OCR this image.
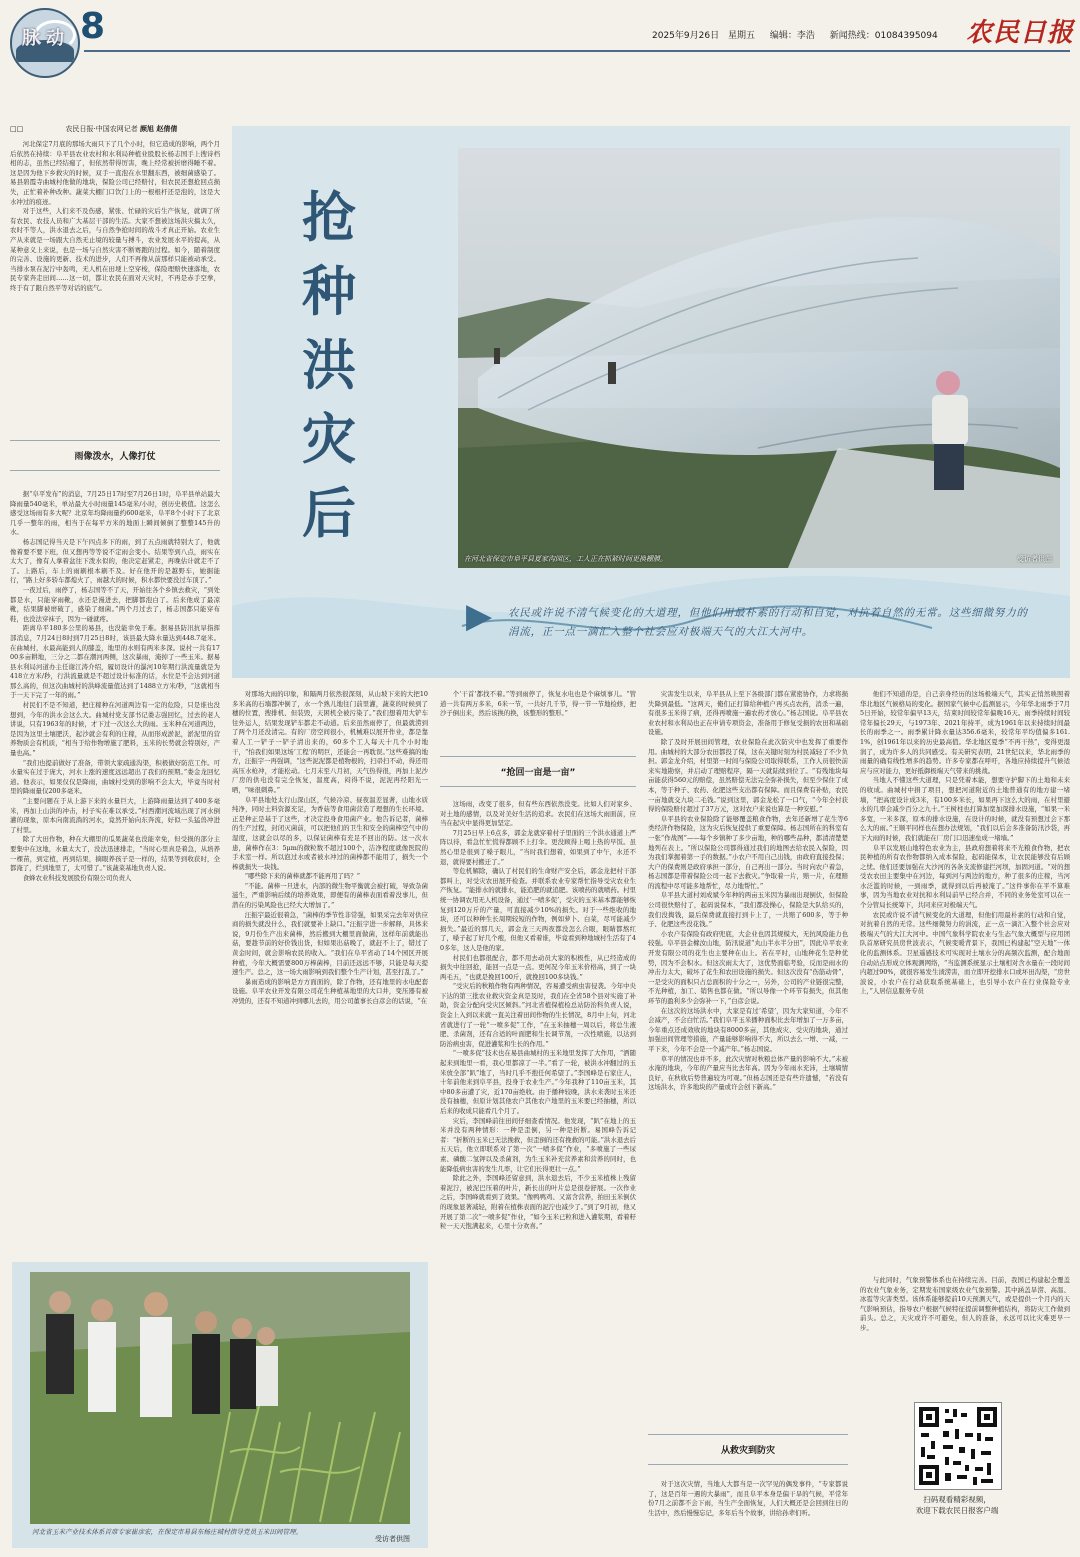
脉动 8	2025年9月26日 星期五 编辑：李浩 新闻热线：01084395094 农民日报
□□	农民日报·中国农网记者 颜旭 赵倩倩

河北保定7月底的那场大雨只下了几个小时，但它造成的影响，两个月后依然在持续：阜平县农业农村和水利局种植业股股长杨志国手上搜诗档相的志，虽然已经结痂了，但依然带得厉害，晚上经常被折磨得睡不着。这是因为他下乡救灾的时候，双手一直泡在水里翻东西，被细菌感染了。易县碧霞寺曲城村他做的地块，保险公司已经赔付，但农民还想抢回点损失，正忙着补种改种。蔬菜大棚门口饮门上的一根根杆还是泡的，这是大水冲过的痕迹。

对于这些，人们来不及伤感，紧张、忙碌的灾后生产恢复，就调了所有农民、农技人员和广大基层干部的生活。大家不想被这场洪灾搞太久，农时不等人，洪水退去之后，与自然争抢时间的战斗才真正开始。农业生产从来就是一场跟大自然无止境的较量与搏斗，农业发展水平的提高，从某种意义上来说，也是一场与自然灾害不断赛跑的过程。如今，随着制度的完善、设施的更新、技术的进步，人们不再像从前那样只能被动承受。当排水泵在泥泞中轰鸣，无人机在田埂上空穿梭，保险理赔快速落地，农民专家奔走田间……这一切，都让农民在面对天灾时，不再是赤手空拳，终于有了跟自然平等对话的底气。

雨像泼水，人像打仗

据“阜平发布”的消息，7月25日17时至7月26日1时，阜平县单站最大降雨量540毫米，单站最大小时雨量145毫米/小时，创历史极值。这怎么感受这场雨有多大呢？北京年均降雨量约600毫米，阜平8个小时下了北京几乎一整年的雨，相当于在每平方米的地面上瞬间倾倒了整整145升的水。

杨志国记得当天是下午四点多下的雨，到了五点雨就特别大了，他就像着要不要下班，但又想再等等说不定雨会变小。结果等到八点，雨实在太大了，像有人拿着盆往下泼水似的，他决定赶紧走，再晚估计就走不了了。上路后，车上的雨刷根本刷不及。好在他开的是越野车，她掘能行，“路上好多轿车都熄火了，雨越大的时候，积水都快要没过车顶了。”

一夜过后，雨停了，杨志国等不了天，开始往各个乡镇去救灾，“到处都是水，只能穿雨靴，水还是漫进去，把脚都泡白了。后来他成了最凉靴，结果脚被磨破了，感染了细菌。”两个月过去了，杨志国都只能穿布鞋，也没法穿袜子，因为一碰就疼。

距离阜平180多公里的易县，也没能幸免于难。据易县防汛抗旱指挥部消息，7月24日8时到7月25日8时，该县最大降水量达到448.7毫米。在曲城村，水最高能到人的膝盖，地里的水则有两米多深。说村一共有1700多亩耕地，三分之二都在潮河两侧，这次暴雨，淹掉了一些玉米。据易县水利局河道办主任谢江涛介绍，履切设计的瀑河10年期行洪流量就是为418立方米/秒，行洪流量就是不超过设计标准的话，水位是不会达到河道那么高的，但这次曲城村的洪峰流量值达到了1488立方米/秒，“这就相当于一天下完了一年的雨。”

村民们不是不知道，把庄稼种在河道两边有一定的危险，只是谁也没想到，今年的洪水会这么大。曲城村党支部书记娄志强回忆，过去的老人讲说，只有1963年的时候，才下过一次这么大的雨。玉米种在河道两边，是因为这里土壤肥沃，起沙就会有利的庄稼，从而形成淤泥，淤泥里的营养物质会有机质，“相当于给作物增施了肥料，玉米的长势就会特别好，产量也高。”

“我们也提前做好了准备，带领大家疏通沟渠，积极做好防范工作。可水量实在过于庞大，河水上涨的速度远远超出了我们的预期。”娄金龙回忆道。他表示，如果仅仅是降雨，曲城村受到的影响不会太大，毕竟当时村里的降雨量仅200多毫米。

“主要问题在于从上游下来的水量巨大，上游降雨量达到了400多毫米，再加上山洪的冲击，村子实在难以承受。”村西潮河流域出现了河水倒灌的现象，原本向南流淌的河水，竟然开始向东奔流，好似一头猛兽冲进了村里。

除了大田作物，种在大棚里的瓜果蔬菜也没能幸免，但受损的部分主要集中在这地，水量太大了，没法迅速排走，“当时心里真是着急，从培养一棵苗，到定植，再到结果，摘眼养孩子是一样的，结果等到收获时，全都淹了，烂到地里了，太可惜了。”该蔬菜基地负责人说。

食蜂农业科技发展股份有限公司负责人

抢种洪灾后
在河北省保定市阜平县夏家沟园区，工人正在抓紧时间更换棚膜。	受访者供图
农民或许说不清气候变化的大道理，但他们用最朴素的行动和自觉，对抗着自然的无常。这些细微努力的涓流，正一点一滴汇入整个社会应对极端天气的大江大河中。
▶

对那场大雨的印象，和隔两月依然很深刻，从山坡下来的大把10多米高的石墙都冲倒了，水一个熟儿地往门前里灌，蔬菜的时候到了穗的位置，搜排机、但装毁，天困机全被污染了。”我们想着用大铲车往外运人，结果发现铲车都走不动道。后来虽然雨停了，但最就涝到了两个月还没清完。有的厂房空间很小，机械难以展开作业，都是靠着人工一铲子一铲子清出来的，60多个工人每天十几个小时地干，“怕我们如果这场‘工程’的明巨，还能会一再耽误。”这些难搞的地方，汪振宇一再强调，“这些泥泥都是植物根的，扫帚扫不动，得还用高压水枪冲，才能松动。七月末至八月初，天气热得很，再加上泥沙厂房的供电没有完全恢复，温度高，闷得不说，泥泥再经阳光一晒，“味很刺鼻。”

阜平县地处太行山深山区，气候冷凉、昼夜温差显著，山地水质纯净，同时土料资源充足，为香菇等食用菌营造了理想的生长环境。正是种正是基于了这些，才决定投身食用菌产业。他告诉记者，菌棒的生产过程，封闭灭菌前，可以把他们的卫生和安全的菌棒空气中的湿度，这就会以尽的多，以保证菌棒有充足不回出的防。这一次水患，菌棒作在3：5μm的微粒数不超过100个，洁净程度就像医院的手术室一样。所以泡过水或者被水冲过的菌棒都不能用了，损失一个棒就损失一块钱。

“哪些除下来的菌棒就都不能再用了吗？”

“不能。菌棒一旦进水，内部的微生物平衡就会被打破，导致杂菌滋生，严重影响后续的培养效果，即便有的菌棒表面看着没事儿，但潜在的污染风险也已经大大增加了。”

汪振宇最近很着急，“菌棒的季节性非常强，如果采完去年对供应商的损失就没什么，我们就要补上缺口。”汪振宇进一步解释，具体来说，9月份生产出来菌棒，然后搬到大棚里面做菌，这样年前就能出菇，要趁节前的好价钱出货，但如果出菇晚了，就赶不上了，错过了黄金时间，就会影响农民的收入。“我们在阜平省动了14个园区开展种植，今年大概需要800万棒菌棒，目前还远远不够，只能是每天提速生产。总之，这一场大雨影响到我们整个生产计划，甚至打乱了。”

暴雨造成的影响是方方面面的，除了作物，还有地里的水电配套设施。阜平农业开发有限公司花生种植基地里的大口井，变压器有被冲毁的，还有不知道冲到哪儿去的，用公司董事长白彦会的话说，“在

个‘干首’都找不着。”等到雨停了，恢复水电也是个麻烦事儿。“管道一共有两万多米，6米一节，一共好几千节，得一节一节地检修，把沙子倒出来，然后该换的换，该整形的整形。”

“抢回一亩是一亩”

这场雨，改变了很多，但有些东西依然没变。比如人们对家乡、对土地的感情，以及对美好生活的追求。农民们在这场大雨面前，应当在起灾中显得更加坚定。

7月25日早上6点多，郭金龙就穿着村子里面的三个洪水通道上严阵以待，看急忙忙慌得都顾不上打伞。更没顾得上喝上热的早饭。虽然心里是很到了嗓子眼儿，“当时我们想着，如果到了中午，水还不退，就得要村搬迁了。”

等危机解除，确认了村民们的生命财产安全后，郭金龙把村干部都叫上，对受灾农田展开检查。并联系农业专家帮忙指导受灾农业生产恢复。“能排水的就排水，能追肥的就追肥。该喷药的就喷药。村里统一协调农用无人机设备，通过‘一喷多促’，受灾的玉米基本都能够恢复到120万斤的产量，可直接减少10%的损失。对于一些绝收的地块，还可以种种生长周期较短的作物，例如萝卜、白菜，尽可能减少损失。”最近的那几天，郭金龙三天两夜都没怎么合眼，眼睛都熬红了，嗓子起了好几个疱，但他又看着谁，毕竟看到种地城村生活有了40多年，这人是他的家。

村民们也都很配合，都不用去动员大家的积极性，从已经造成的损失中往回抢，能回一点是一点。更何况今年玉米价格高，到了一块两毛五，“也就是挽回100斤，就挽回100多块钱。”

“受灾后的秋粮作物有两种情况，容易遭受病虫害侵袭。今年中央下达的第三批农业救灾资金真是及时，我们在全省58个县对实施了补助，资金分配向受灾区倾斜。”河北省植保植检总站防治科负责人说，资金上入到以来就一直关注着田间作物的生长情况，8月中上旬，河北省就进行了一轮“一喷多促”工作，“在玉米抽穗一周以后，将总生液肥、杀菌剂，还有合适的叶面肥和生长调节剂，一次性喷施，以达到防治病虫害，促进灌浆和生长的作用。”

“一喷多促”技术也在易县曲城村的玉米地里发挥了大作用，“洒随起来到地里一看，我心里都凉了一半。”看了一轮，被洪水冲翻过的玉米放全部“趴”地了，当时几乎不抱任何希望了。”李国峰是石家庄人，十年前他来到阜平县，投身于农业生产。”今年我种了110亩玉米，其中80多亩遭了灾，近170亩绝收。由于播种较晚，洪水来袭时玉米还没有抽穗，但原计划其他农户其他农户地里的玉米要已经抽穗，所以后来的收成只能看几个月了。

灾后，李国峰前往田间仔细查看情况。他发现，“趴”在地上的玉米并没有两种情形：一种是歪倒，另一种是折断。易国峰告诉记者：“折断的玉米已无法挽救，但歪倒的还有挽救的可能。”洪水退去后五天后，他立即联系对了第一次“一喷多促”作业，“多喷施了一些尿素、磷酸二氢钾以及杀菌剂，为生玉米补充营养素和营养的同时，也能降低病虫害的发生几率，让它们长得更壮一点。”

除此之外，李国峰还留意到，洪水退去后，不少玉米植株上残留着泥泞，被泥巴压着的叶片，新长出的叶片总是很卷舒展。一次作业之后，李国峰就看到了效果。“像鸭鸭鸡、又富含营养，拍田玉米倒伏的现象显著减轻，附着在植株表面的泥泞也减少了。”到了9月初，他又开展了第二次“一喷多促”作业，“如今玉米已粒和进入灌浆期，看着籽粒一天天饱满起来，心里十分欢喜。”

灾害发生以来，阜平县从上至下各级部门都在紧密协作，力求将损失降到最低。“这两天，俺们正打算给种植户再买点农药，消杀一遍，有很多玉米得了病，还得再喷施一遍农药才放心。”杨志国说。阜平县农业农村和水利局也正在申请专项资金，准备用于修复受损的农田和基础设施。

除了及时开展田间管理，农业保险在此次防灾中也发挥了重要作用。曲城村的大部分农田都投了保，这在关键时刻为村民减轻了不少负担。郭金龙介绍，村里第一时间与保险公司取得联系，工作人员很快前来实地勘察，并启动了理赔程序，隔一天就陆续到位了。“有残地块每亩能获得560元的赔偿，虽然赔偿无法完全弥补损失，但至少保住了成本，等于种子、农药、化肥这些支出都有保障。而且保费有补贴，农民一亩地就交九块二毛钱。”说到这里，郭金龙松了一口气，“今年全村获得的保险赔付超过了37万元，这对农户来说也算是一种安慰。”

阜平县的农业保险除了能够覆盖粮食作物，去年还新增了花生等6类经济作物保险，这为灾后恢复提供了重要保障。杨志国所在的科室有一张“作战图”——每个乡镇种了多少亩地，种的哪些品种，都清清楚楚地列在表上。“所以保险公司都得通过我们的地图去给农民入保险，因为我们掌握着第一手的数据。”小农户不用自己出钱，由政府直接投保；大户的保费则是政府承担一部分，自己再出一部分。当时向农户着急，杨志国都是带着保险公司一起下去救灾。”争取着一片，赔一片，在理赔的流程中尽可能多地帮忙，尽力地帮忙。”

阜平县大道村刘成斌今年种的两亩玉米因为暴雨出现倒伏，但保险公司很快赔付了，起码说保本，“我们都没操心，保险是大队给买的，我们没掏钱，最后保费就直接打到卡上了，一共赔了600多，等于种子、化肥这些没花钱。”

小农户有保险有政府兜底，大企业也因其规模大，无抗风险能力也较强。阜平县金橼汝山地，防汛说道“丸山半水半分田”，因此阜平农业开发有限公司的花生也主要种在山上。若在平时，山地种花生是种优势，因为不会积水。但这次雨太大了，这优势面临考验，反而是雨水的冲击力太大，破坏了花生和农田设施的损失。但这次没有“伤筋动骨”，一是受灾的面积只占总面积的十分之一，另外，公司的产业链很完整，不光种植，加工、销售也都在做。“所以导像一个环节有损失，但其他环节的盈利多少会弥补一下，”白彦会说。

在这次的这场洪水中，大家是有过‘希望’，因为大家知道，今年不会减产，不会白忙活。”我们阜平玉米播种面积比去年增加了一万多亩，今年重点还成效收的地块有8000多亩，其他成灾、受灾的地块，通过加强田间管理等措施，产量能够影响得不大，所以去么一增、一减，一平下来，今年不会是一个减产年。”杨志国说。

草平的情况也并不多，此次灾情对秋粮总体产量的影响不大。”未被水淹的地块，今年的产量应当比去年高。因为今年雨水充沛，土壤墒情良好，在秋收后势普遍较为可观。”但杨志国还是有些许遗憾，“若没有这场洪水，许多地块的产量或许会创下新高。”

从救灾到防灾

对于这次灾情，当地人大都当是一次罕见的偶发事件，“专家都说了，这是百年一遇的大暴雨”，而且阜平本身是偏干旱的气候，平常年份7月之前都不会下雨，当生产全面恢复，人们大概还是会回到往日的生活中，然后慢慢忘记，多年后当个故事，讲给孙辈们听。

他们不知道的是，自己亲身经历的这场极端天气，其实正悄然映照着华北地区气候格局的变化。据国家气候中心监测显示，今年华北雨季于7月5日开始，较常年偏早13天，结束时间较常年偏晚16天。雨季持续时间较常年偏长29天，与1973年、2021年持平，成为1961年以来持续时间最长的雨季之一。雨季累计降水量达356.6毫米，较常年平均值偏多161.1%，创1961年以来的历史最高值。华北地区夏季“不再干热”，变得更湿润了，成为许多人的共同感受。有关研究表明，21世纪以来，华北雨季的雨量的确有线性增多的趋势。许多专家都在呼吁，各地应持续提升气候适应与应对能力，更好抵御极端天气带来的挑战。

当地人不懂这些大道理，只是凭着本能，想要守护脚下的土地和未来的收成。曲城村中捐了项目，想把河道附近的土地普通有的地方建一堵墙，“把高度设计成3米，有100多米长，如果再下这么大的雨，在村里避水的几率会减少百分之九十。”王树柱也打算加宽加深排水设施，“如果一米多宽，一米多深，原本的排水设施，在设计的时候，就没有预想过会下那么大的雨。”王顺平同样也在想办法规划，“我们以后会多准备防汛沙袋，再下大雨的时候，我们就能在厂房门口迅速垒成一堵墙。”

阜平以发展山地特色农业为主，县政府想着将来不光粮食作物，把农民种植的所有农作物都纳入成本保险，起码能保本，让农民能够没有后顾之忧。他们还要加强在大沙河的各条支流修建拦河坝，加固河道。“对的想受农农田主要集中在河边，每到河与两边的地方，种了很多的庄稼，当河水泛滥的时候，一到雨季，就得到以后再被淹了。”这件事你在平不算难事，因为当地农业对抗和水利局前早已经合并，不同的业务处室可以在一个分管局长统筹下，共同来应对极端天气。

农民或许说不清气候变化的大道理，但他们用最朴素的行动和自觉，对抗着自然的无常。这些细微努力的涓流，正一点一滴汇入整个社会应对极端天气的大江大河中。中国气象科学院农业与生态气象大概型与应用团队首席研究员房世波表示，气候变暖背景下，我国已构建起“空天地”一体化的监测体系。卫星遥感技术可实现对土壤水分的高频次监测，配合地面自动站点形成立体观测网络，“当监测系统显示土壤相对含水量在一段时间内超过90%，就很容易发生渍涝害，而立即开挖排水口或坏田沟渠，“房世波说，小农户在行动获取系统基础上，也引导小农户在行业保险专业上，”人居信息服务专员

与此同时，气象预警体系也在持续完善。目前，我国已构建起全覆盖的农业气象业务，定期发布国家级农业气象预警。其中涵盖旱涝、高温、冰雹等灾害类型。该体系能够提前10天预测天气，或是提供一个月内的天气影响预估，指导农户根据气候特征提前调整种植结构，将防灾工作做到前头。总之，天灾或许不可避免，但人的准备，永远可以比灾难更早一步。

扫码观看精彩视频，
欢迎下载农民日报客户端
河北省玉米产业技术体系首席专家崔彦宏，在保定市易县东杨庄城村指导党员玉米田间管理。
受访者供图
